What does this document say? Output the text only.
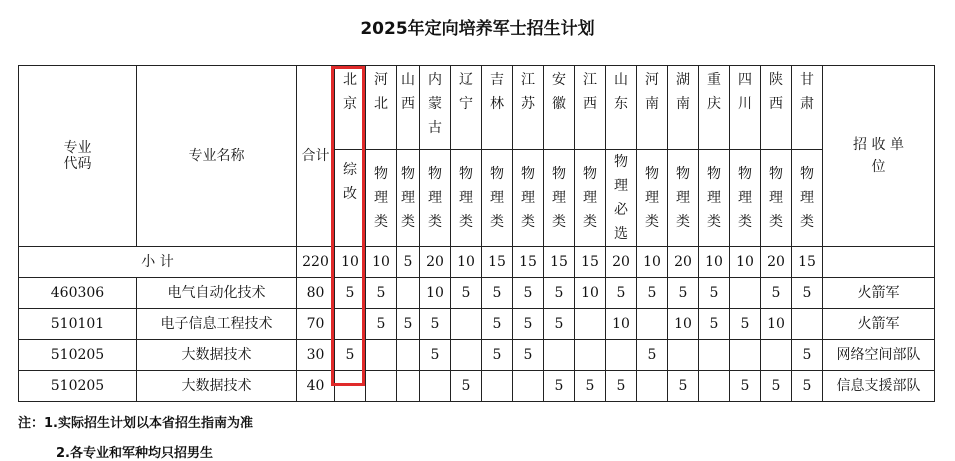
2025年定向培养军士招生计划
专业
代码	专业名称	合计	北京	河北	山西	内蒙古	辽宁	吉林	江苏	安徽	江西	山东	河南	湖南	重庆	四川	陕西	甘肃	招 收 单 位
			综改	物理类	物理类	物理类	物理类	物理类	物理类	物理类	物理类	物理必选	物理类	物理类	物理类	物理类	物理类	物理类	
小 计		220	10	10	5	20	10	15	15	15	15	20	10	20	10	10	20	15	
460306	电气自动化技术	80	5	5		10	5	5	5	5	10	5	5	5	5		5	5	火箭军
510101	电子信息工程技术	70		5	5	5		5	5	5		10		10	5	5	10		火箭军
510205	大数据技术	30	5			5		5	5				5					5	网络空间部队
510205	大数据技术	40					5			5	5	5		5		5	5	5	信息支援部队
注：1.实际招生计划以本省招生指南为准
2.各专业和军种均只招男生
